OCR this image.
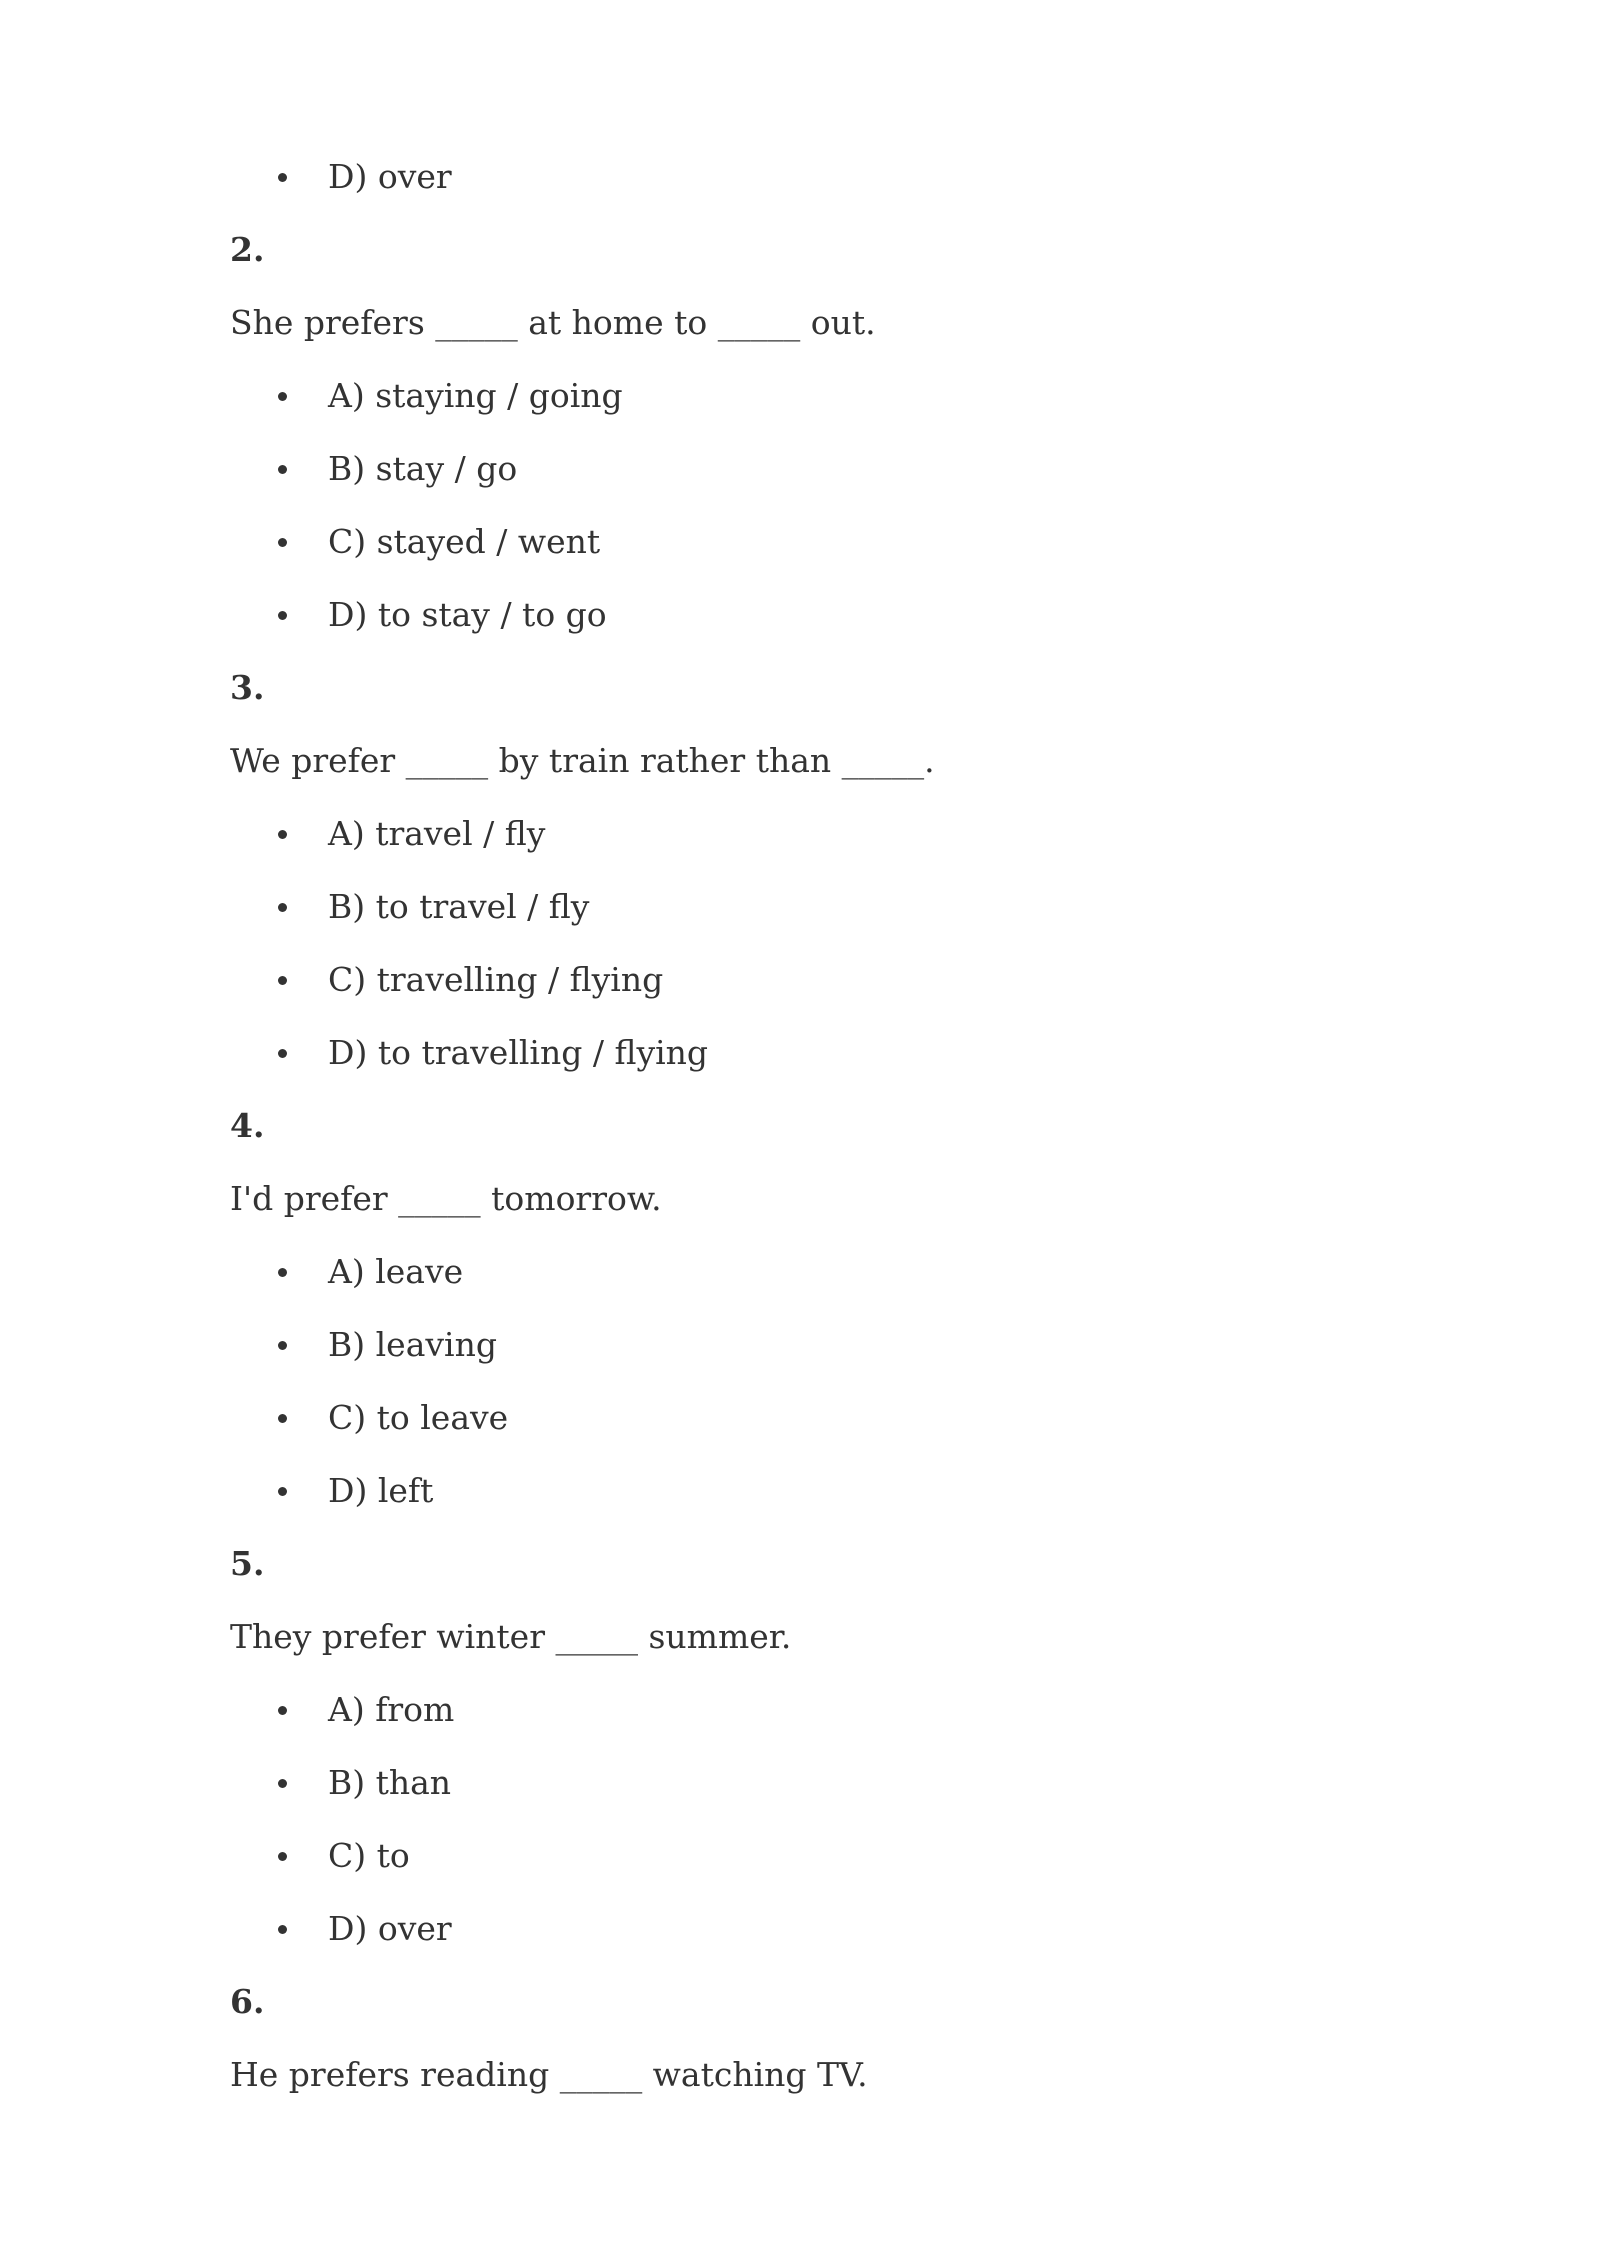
D) over
2.
She prefers _____ at home to _____ out.
A) staying / going
B) stay / go
C) stayed / went
D) to stay / to go
3.
We prefer _____ by train rather than _____.
A) travel / fly
B) to travel / fly
C) travelling / flying
D) to travelling / flying
4.
I'd prefer _____ tomorrow.
A) leave
B) leaving
C) to leave
D) left
5.
They prefer winter _____ summer.
A) from
B) than
C) to
D) over
6.
He prefers reading _____ watching TV.
